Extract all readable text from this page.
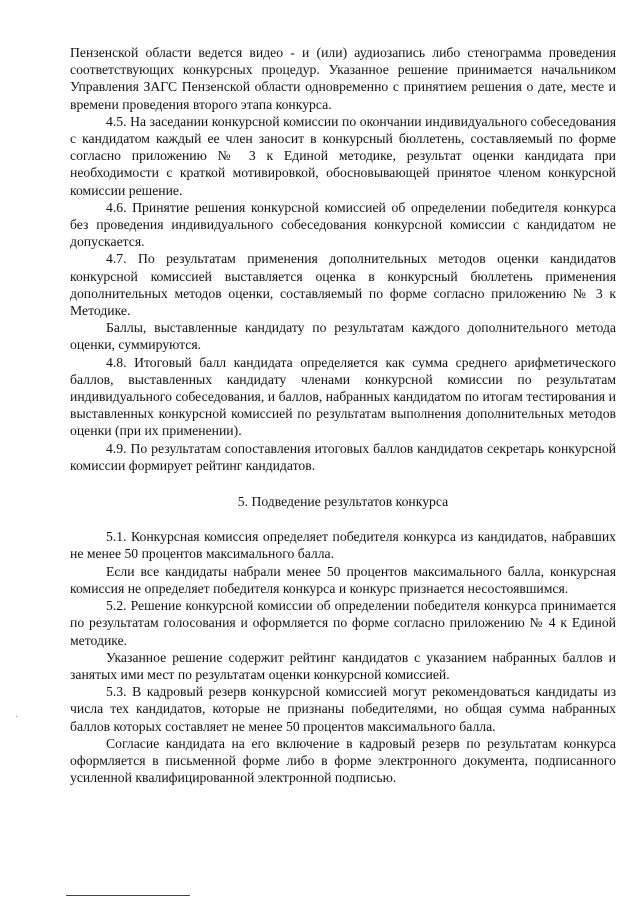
Пензенской области ведется видео - и (или) аудиозапись либо стенограмма проведения соответствующих конкурсных процедур. Указанное решение принимается начальником Управления ЗАГС Пензенской области одновременно с принятием решения о дате, месте и времени проведения второго этапа конкурса.

4.5. На заседании конкурсной комиссии по окончании индивидуального собеседования с кандидатом каждый ее член заносит в конкурсный бюллетень, составляемый по форме согласно приложению № 3 к Единой методике, результат оценки кандидата при необходимости с краткой мотивировкой, обосновывающей принятое членом конкурсной комиссии решение.

4.6. Принятие решения конкурсной комиссией об определении победителя конкурса без проведения индивидуального собеседования конкурсной комиссии с кандидатом не допускается.

4.7. По результатам применения дополнительных методов оценки кандидатов конкурсной комиссией выставляется оценка в конкурсный бюллетень применения дополнительных методов оценки, составляемый по форме согласно приложению № 3 к Методике.

Баллы, выставленные кандидату по результатам каждого дополнительного метода оценки, суммируются.

4.8. Итоговый балл кандидата определяется как сумма среднего арифметического баллов, выставленных кандидату членами конкурсной комиссии по результатам индивидуального собеседования, и баллов, набранных кандидатом по итогам тестирования и выставленных конкурсной комиссией по результатам выполнения дополнительных методов оценки (при их применении).

4.9. По результатам сопоставления итоговых баллов кандидатов секретарь конкурсной комиссии формирует рейтинг кандидатов.

5. Подведение результатов конкурса

5.1. Конкурсная комиссия определяет победителя конкурса из кандидатов, набравших не менее 50 процентов максимального балла.

Если все кандидаты набрали менее 50 процентов максимального балла, конкурсная комиссия не определяет победителя конкурса и конкурс признается несостоявшимся.

5.2. Решение конкурсной комиссии об определении победителя конкурса принимается по результатам голосования и оформляется по форме согласно приложению № 4 к Единой методике.

Указанное решение содержит рейтинг кандидатов с указанием набранных баллов и занятых ими мест по результатам оценки конкурсной комиссией.

5.3. В кадровый резерв конкурсной комиссией могут рекомендоваться кандидаты из числа тех кандидатов, которые не признаны победителями, но общая сумма набранных баллов которых составляет не менее 50 процентов максимального балла.

Согласие кандидата на его включение в кадровый резерв по результатам конкурса оформляется в письменной форме либо в форме электронного документа, подписанного усиленной квалифицированной электронной подписью.
